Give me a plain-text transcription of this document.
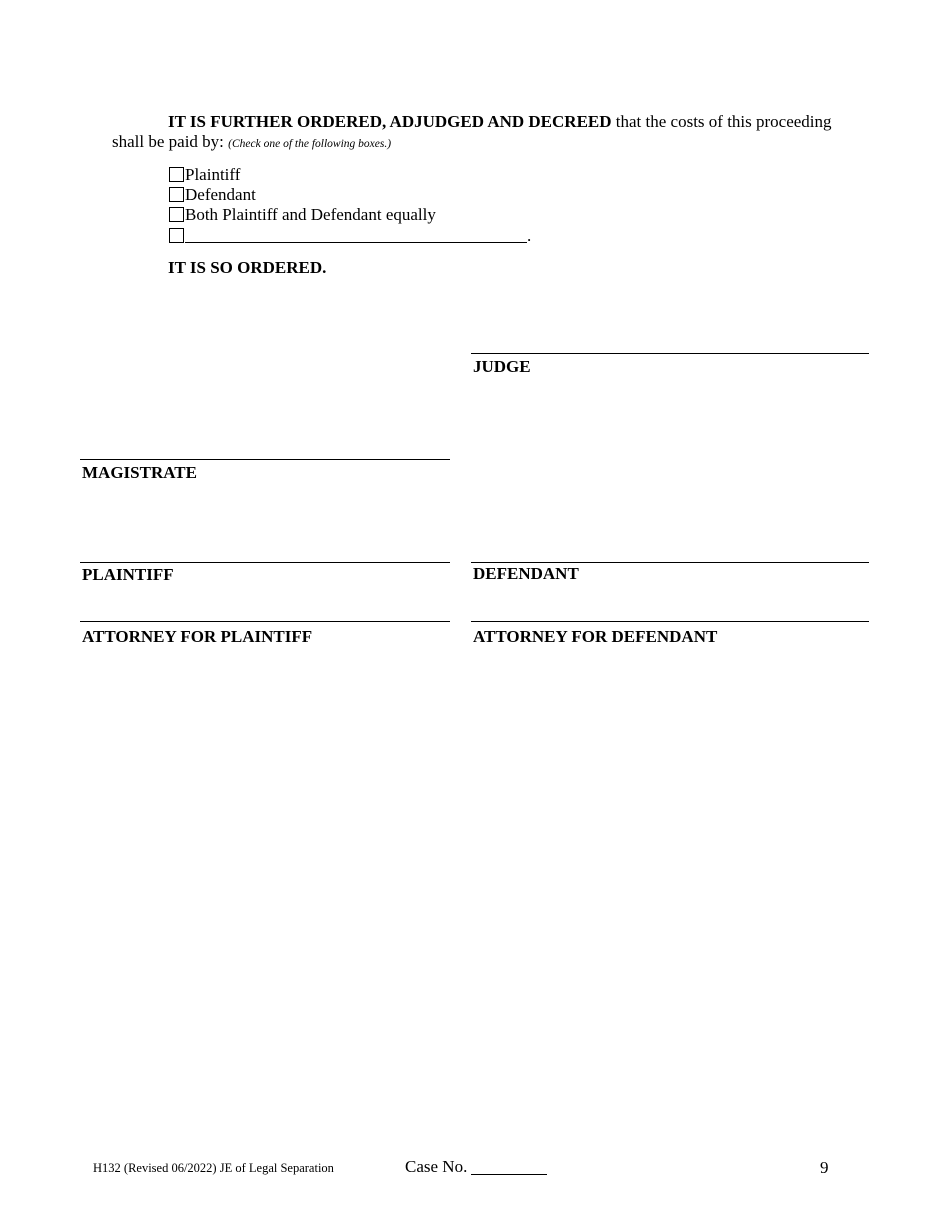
IT IS FURTHER ORDERED, ADJUDGED AND DECREED that the costs of this proceeding
shall be paid by: (Check one of the following boxes.)
Plaintiff
Defendant
Both Plaintiff and Defendant equally
.
IT IS SO ORDERED.
JUDGE
MAGISTRATE
PLAINTIFF	DEFENDANT
ATTORNEY FOR PLAINTIFF	ATTORNEY FOR DEFENDANT
H132 (Revised 06/2022) JE of Legal Separation	Case No.	9
